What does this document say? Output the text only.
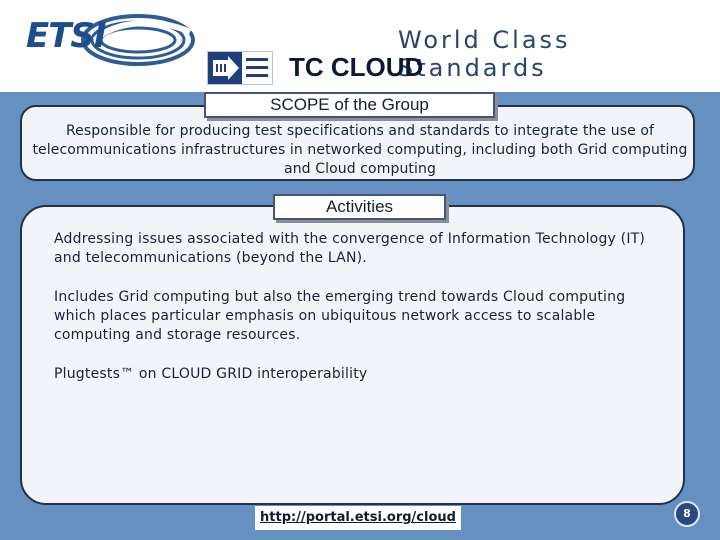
ETSI	World Class Standards
TC CLOUD
SCOPE of the Group
Responsible for producing test specifications and standards to integrate the use of telecommunications infrastructures in networked computing, including both Grid computing and Cloud computing
Activities
Addressing issues associated with the convergence of Information Technology (IT) and telecommunications (beyond the LAN).
Includes Grid computing but also the emerging trend towards Cloud computing which places particular emphasis on ubiquitous network access to scalable computing and storage resources.
Plugtests™ on CLOUD GRID interoperability
http://portal.etsi.org/cloud	8
